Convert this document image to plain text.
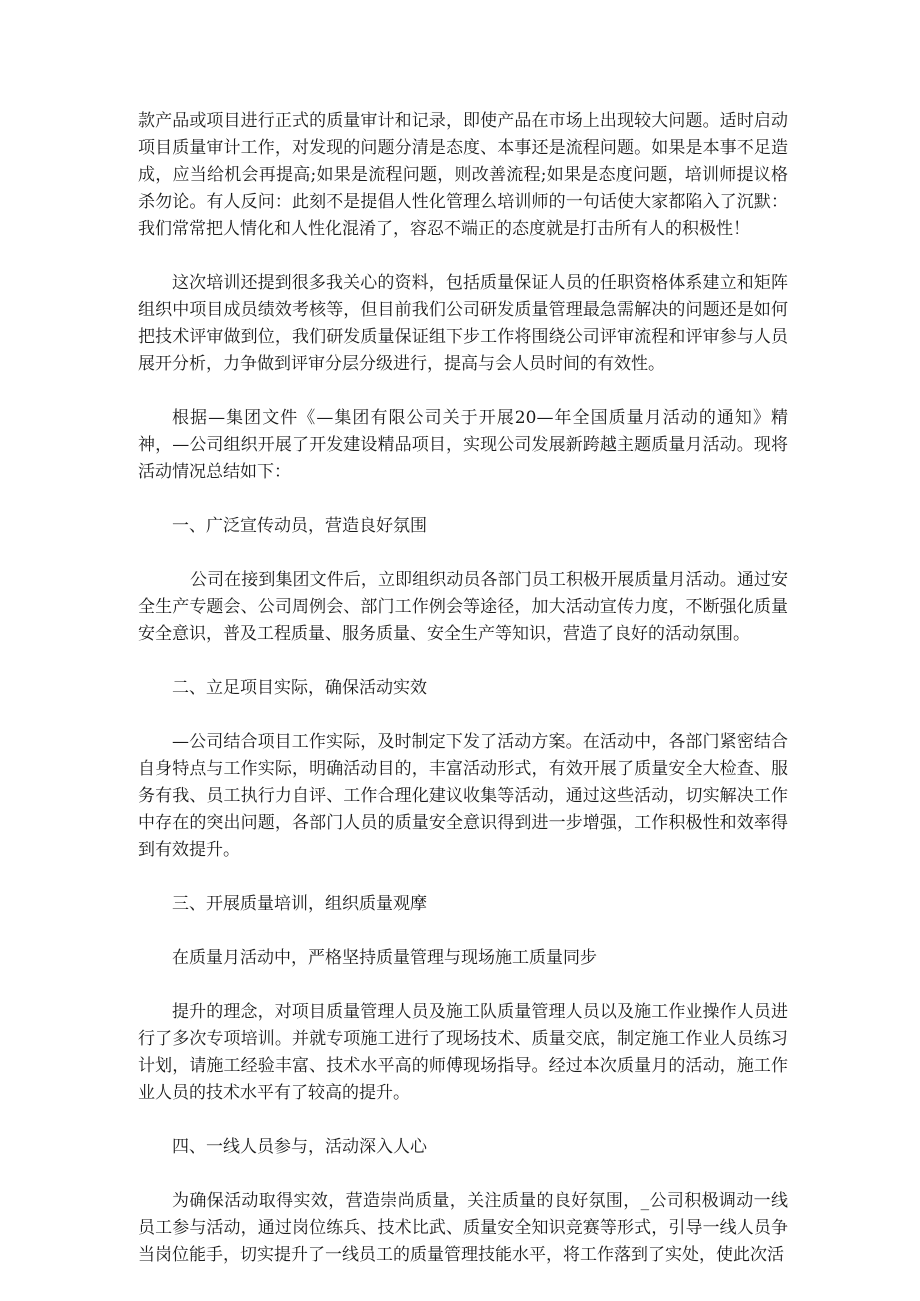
款产品或项目进行正式的质量审计和记录，即使产品在市场上出现较大问题。适时启动项目质量审计工作，对发现的问题分清是态度、本事还是流程问题。如果是本事不足造成，应当给机会再提高;如果是流程问题，则改善流程;如果是态度问题，培训师提议格杀勿论。有人反问：此刻不是提倡人性化管理么培训师的一句话使大家都陷入了沉默：我们常常把人情化和人性化混淆了，容忍不端正的态度就是打击所有人的积极性！

这次培训还提到很多我关心的资料，包括质量保证人员的任职资格体系建立和矩阵组织中项目成员绩效考核等，但目前我们公司研发质量管理最急需解决的问题还是如何把技术评审做到位，我们研发质量保证组下步工作将围绕公司评审流程和评审参与人员展开分析，力争做到评审分层分级进行，提高与会人员时间的有效性。

根据—集团文件《—集团有限公司关于开展20—年全国质量月活动的通知》精神，—公司组织开展了开发建设精品项目，实现公司发展新跨越主题质量月活动。现将活动情况总结如下：

一、广泛宣传动员，营造良好氛围

公司在接到集团文件后，立即组织动员各部门员工积极开展质量月活动。通过安全生产专题会、公司周例会、部门工作例会等途径，加大活动宣传力度，不断强化质量安全意识，普及工程质量、服务质量、安全生产等知识，营造了良好的活动氛围。

二、立足项目实际，确保活动实效

—公司结合项目工作实际，及时制定下发了活动方案。在活动中，各部门紧密结合自身特点与工作实际，明确活动目的，丰富活动形式，有效开展了质量安全大检查、服务有我、员工执行力自评、工作合理化建议收集等活动，通过这些活动，切实解决工作中存在的突出问题，各部门人员的质量安全意识得到进一步增强，工作积极性和效率得到有效提升。

三、开展质量培训，组织质量观摩

在质量月活动中，严格坚持质量管理与现场施工质量同步

提升的理念，对项目质量管理人员及施工队质量管理人员以及施工作业操作人员进行了多次专项培训。并就专项施工进行了现场技术、质量交底，制定施工作业人员练习计划，请施工经验丰富、技术水平高的师傅现场指导。经过本次质量月的活动，施工作业人员的技术水平有了较高的提升。

四、一线人员参与，活动深入人心

为确保活动取得实效，营造崇尚质量，关注质量的良好氛围，_公司积极调动一线员工参与活动，通过岗位练兵、技术比武、质量安全知识竞赛等形式，引导一线人员争当岗位能手，切实提升了一线员工的质量管理技能水平，将工作落到了实处，使此次活
